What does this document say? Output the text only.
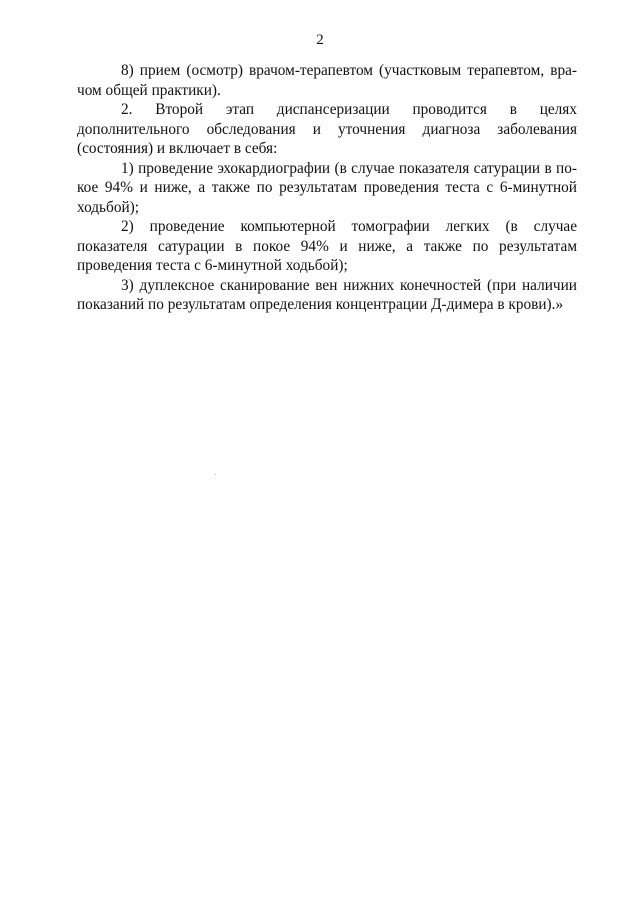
2

8) прием (осмотр) врачом-терапевтом (участковым терапевтом, врачом общей практики).

2. Второй этап диспансеризации проводится в целях дополнительного обследования и уточнения диагноза заболевания (состояния) и включает в себя:

1) проведение эхокардиографии (в случае показателя сатурации в покое 94% и ниже, а также по результатам проведения теста с 6-минутной ходьбой);

2) проведение компьютерной томографии легких (в случае показателя сатурации в покое 94% и ниже, а также по результатам проведения теста с 6-минутной ходьбой);

3) дуплексное сканирование вен нижних конечностей (при наличии показаний по результатам определения концентрации Д-димера в крови).»
